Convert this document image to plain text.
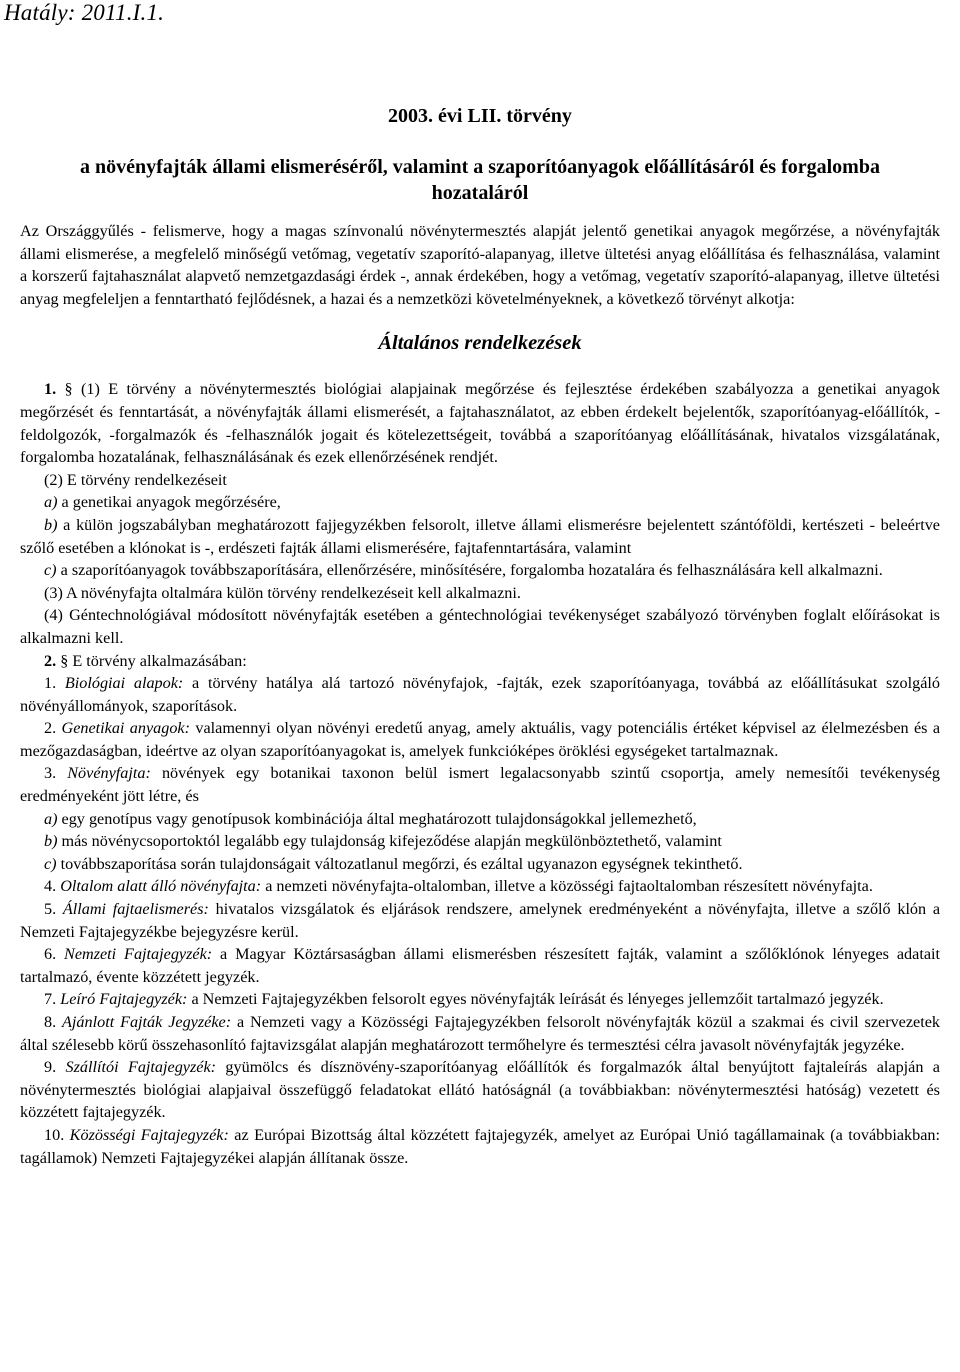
Hatály: 2011.I.1.
2003. évi LII. törvény
a növényfajták állami elismeréséről, valamint a szaporítóanyagok előállításáról és forgalomba hozataláról

Az Országgyűlés - felismerve, hogy a magas színvonalú növénytermesztés alapját jelentő genetikai anyagok megőrzése, a növényfajták állami elismerése, a megfelelő minőségű vetőmag, vegetatív szaporító-alapanyag, illetve ültetési anyag előállítása és felhasználása, valamint a korszerű fajtahasználat alapvető nemzetgazdasági érdek -, annak érdekében, hogy a vetőmag, vegetatív szaporító-alapanyag, illetve ültetési anyag megfeleljen a fenntartható fejlődésnek, a hazai és a nemzetközi követelményeknek, a következő törvényt alkotja:

Általános rendelkezések

1. § (1) E törvény a növénytermesztés biológiai alapjainak megőrzése és fejlesztése érdekében szabályozza a genetikai anyagok megőrzését és fenntartását, a növényfajták állami elismerését, a fajtahasználatot, az ebben érdekelt bejelentők, szaporítóanyag-előállítók, -feldolgozók, -forgalmazók és -felhasználók jogait és kötelezettségeit, továbbá a szaporítóanyag előállításának, hivatalos vizsgálatának, forgalomba hozatalának, felhasználásának és ezek ellenőrzésének rendjét.

(2) E törvény rendelkezéseit

a) a genetikai anyagok megőrzésére,

b) a külön jogszabályban meghatározott fajjegyzékben felsorolt, illetve állami elismerésre bejelentett szántóföldi, kertészeti - beleértve szőlő esetében a klónokat is -, erdészeti fajták állami elismerésére, fajtafenntartására, valamint

c) a szaporítóanyagok továbbszaporítására, ellenőrzésére, minősítésére, forgalomba hozatalára és felhasználására kell alkalmazni.

(3) A növényfajta oltalmára külön törvény rendelkezéseit kell alkalmazni.

(4) Géntechnológiával módosított növényfajták esetében a géntechnológiai tevékenységet szabályozó törvényben foglalt előírásokat is alkalmazni kell.

2. § E törvény alkalmazásában:

1. Biológiai alapok: a törvény hatálya alá tartozó növényfajok, -fajták, ezek szaporítóanyaga, továbbá az előállításukat szolgáló növényállományok, szaporítások.

2. Genetikai anyagok: valamennyi olyan növényi eredetű anyag, amely aktuális, vagy potenciális értéket képvisel az élelmezésben és a mezőgazdaságban, ideértve az olyan szaporítóanyagokat is, amelyek funkcióképes öröklési egységeket tartalmaznak.

3. Növényfajta: növények egy botanikai taxonon belül ismert legalacsonyabb szintű csoportja, amely nemesítői tevékenység eredményeként jött létre, és

a) egy genotípus vagy genotípusok kombinációja által meghatározott tulajdonságokkal jellemezhető,

b) más növénycsoportoktól legalább egy tulajdonság kifejeződése alapján megkülönböztethető, valamint

c) továbbszaporítása során tulajdonságait változatlanul megőrzi, és ezáltal ugyanazon egységnek tekinthető.

4. Oltalom alatt álló növényfajta: a nemzeti növényfajta-oltalomban, illetve a közösségi fajtaoltalomban részesített növényfajta.

5. Állami fajtaelismerés: hivatalos vizsgálatok és eljárások rendszere, amelynek eredményeként a növényfajta, illetve a szőlő klón a Nemzeti Fajtajegyzékbe bejegyzésre kerül.

6. Nemzeti Fajtajegyzék: a Magyar Köztársaságban állami elismerésben részesített fajták, valamint a szőlőklónok lényeges adatait tartalmazó, évente közzétett jegyzék.

7. Leíró Fajtajegyzék: a Nemzeti Fajtajegyzékben felsorolt egyes növényfajták leírását és lényeges jellemzőit tartalmazó jegyzék.

8. Ajánlott Fajták Jegyzéke: a Nemzeti vagy a Közösségi Fajtajegyzékben felsorolt növényfajták közül a szakmai és civil szervezetek által szélesebb körű összehasonlító fajtavizsgálat alapján meghatározott termőhelyre és termesztési célra javasolt növényfajták jegyzéke.

9. Szállítói Fajtajegyzék: gyümölcs és dísznövény-szaporítóanyag előállítók és forgalmazók által benyújtott fajtaleírás alapján a növénytermesztés biológiai alapjaival összefüggő feladatokat ellátó hatóságnál (a továbbiakban: növénytermesztési hatóság) vezetett és közzétett fajtajegyzék.

10. Közösségi Fajtajegyzék: az Európai Bizottság által közzétett fajtajegyzék, amelyet az Európai Unió tagállamainak (a továbbiakban: tagállamok) Nemzeti Fajtajegyzékei alapján állítanak össze.
